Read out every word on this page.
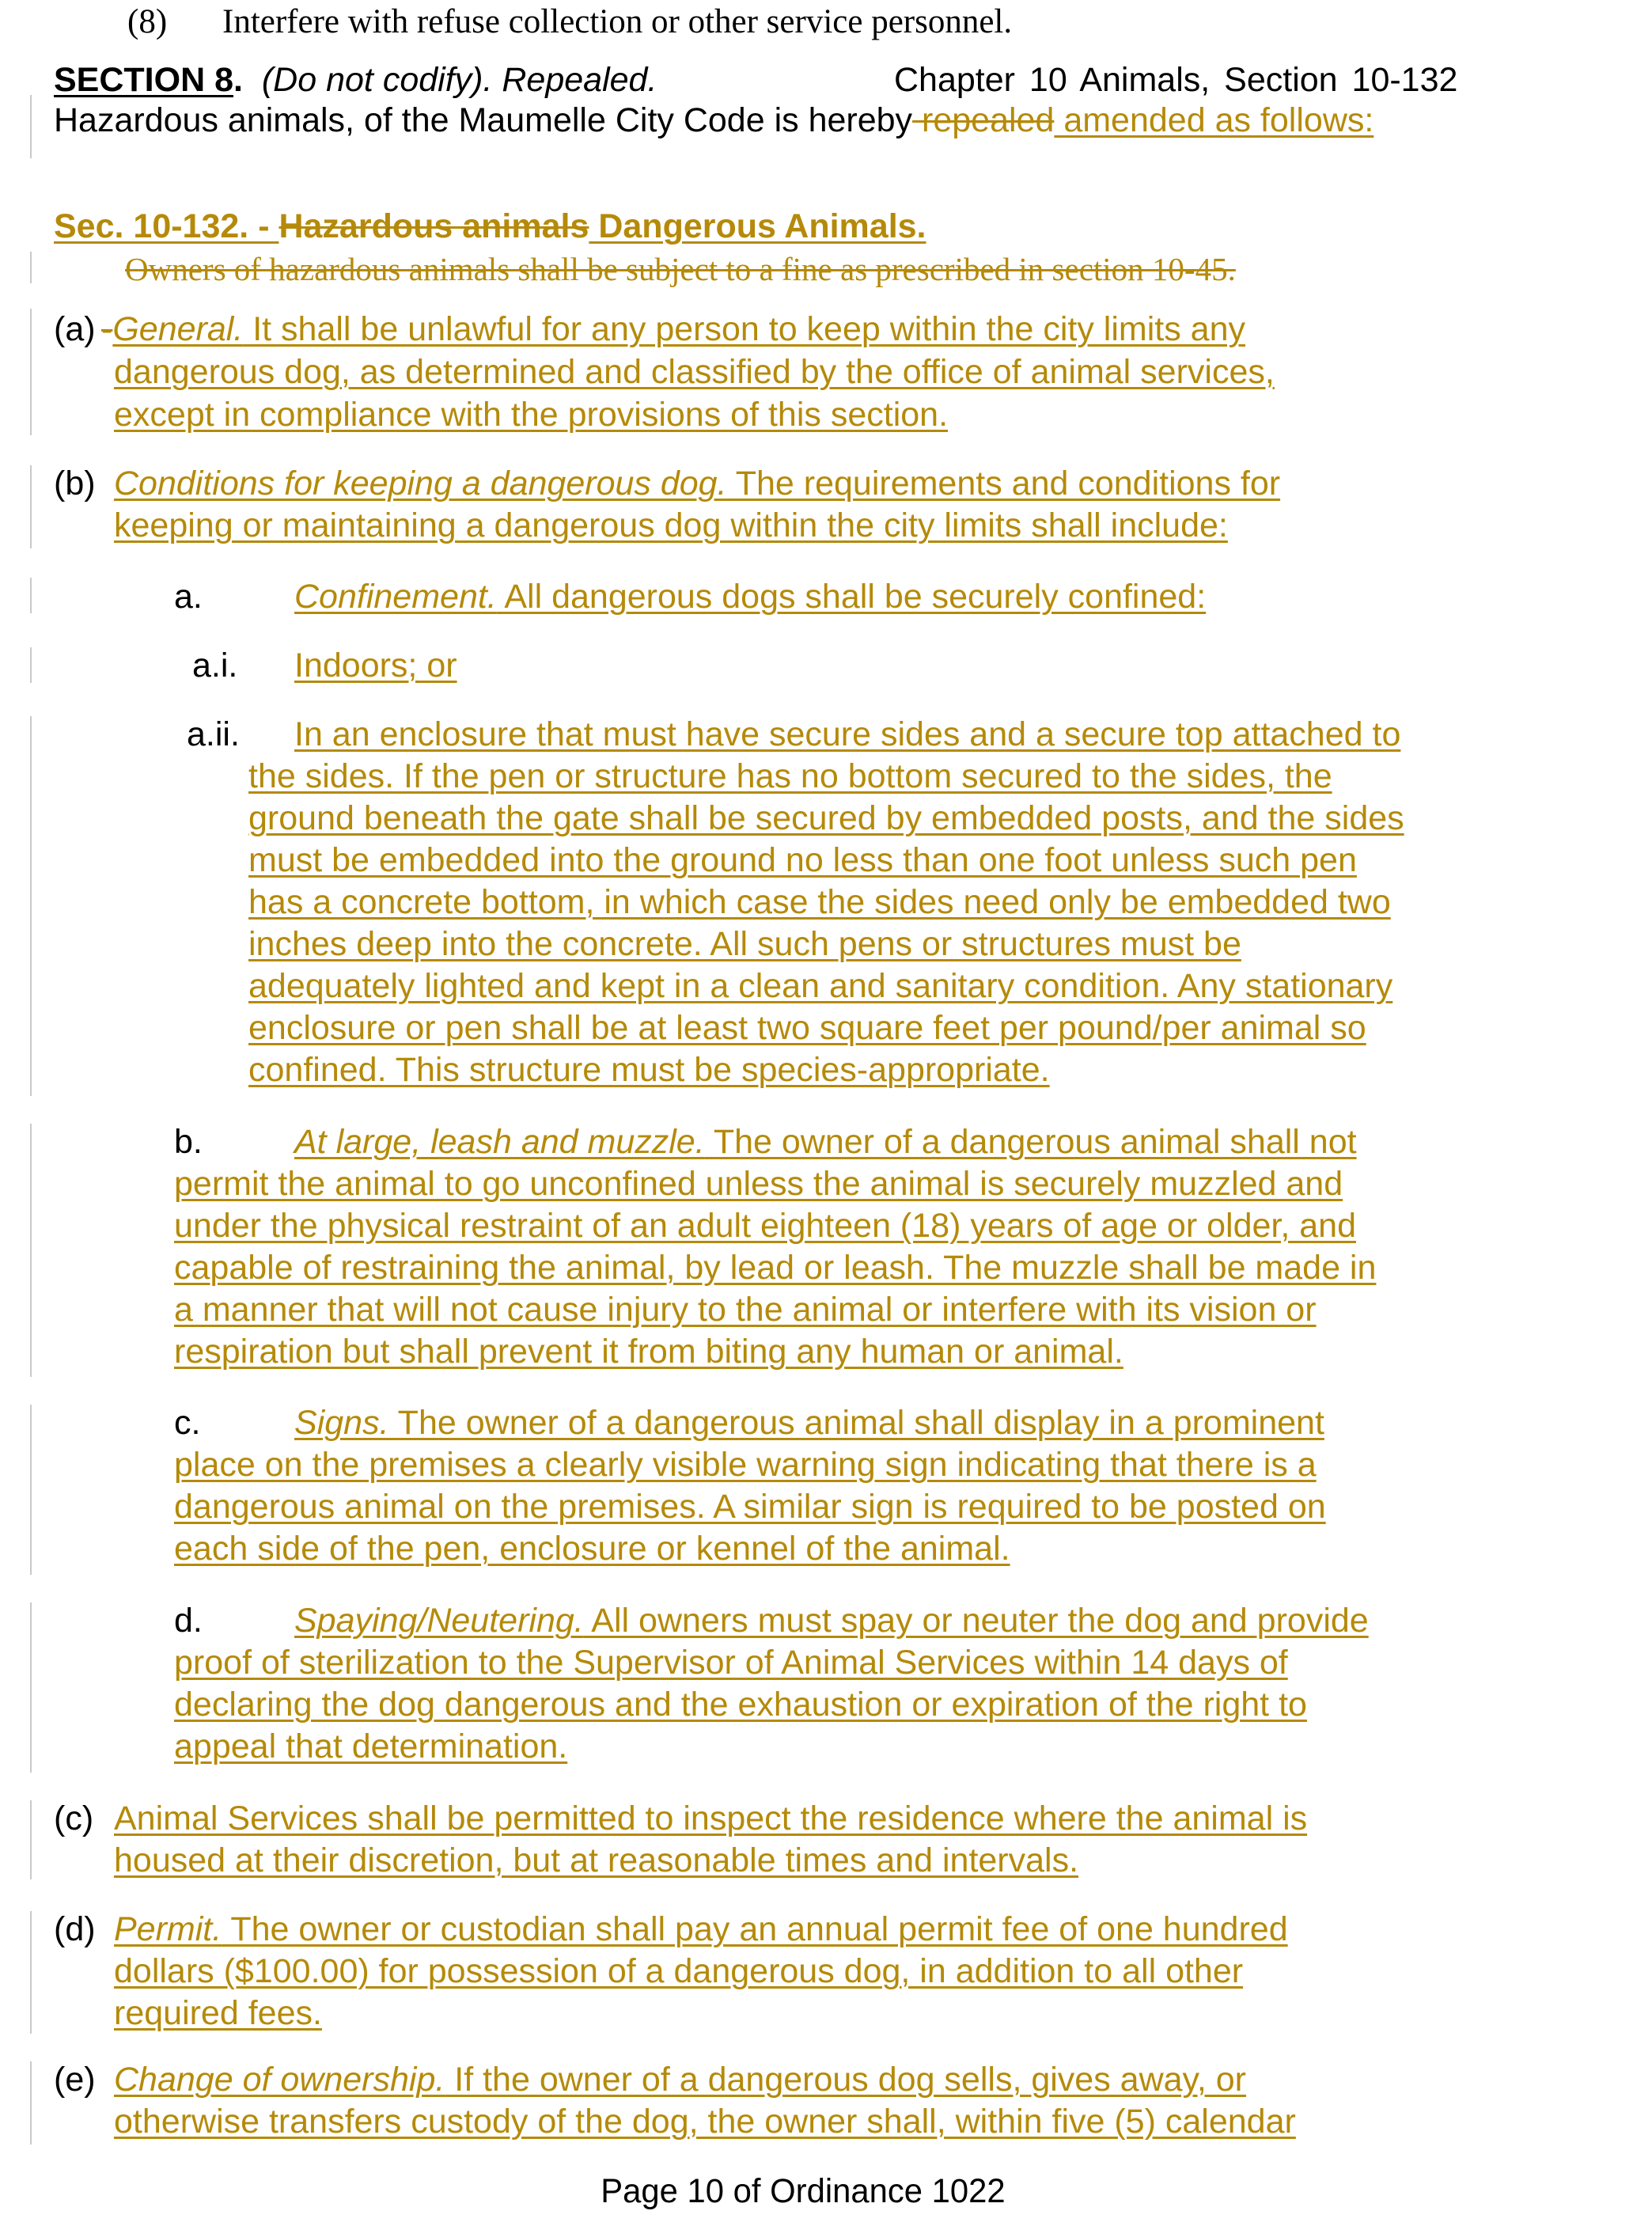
(8) Interfere with refuse collection or other service personnel.
SECTION 8. (Do not codify). Repealed.	Chapter 10 Animals, Section 10-132
Hazardous animals, of the Maumelle City Code is hereby repealed amended as follows:
Sec. 10-132. - Hazardous animals Dangerous Animals.
Owners of hazardous animals shall be subject to a fine as prescribed in section 10-45.
(a) -General. It shall be unlawful for any person to keep within the city limits any
dangerous dog, as determined and classified by the office of animal services,
except in compliance with the provisions of this section.
(b) Conditions for keeping a dangerous dog. The requirements and conditions for
keeping or maintaining a dangerous dog within the city limits shall include:
a.	Confinement. All dangerous dogs shall be securely confined:
a.i. Indoors; or
a.ii. In an enclosure that must have secure sides and a secure top attached to
the sides. If the pen or structure has no bottom secured to the sides, the
ground beneath the gate shall be secured by embedded posts, and the sides
must be embedded into the ground no less than one foot unless such pen
has a concrete bottom, in which case the sides need only be embedded two
inches deep into the concrete. All such pens or structures must be
adequately lighted and kept in a clean and sanitary condition. Any stationary
enclosure or pen shall be at least two square feet per pound/per animal so
confined. This structure must be species-appropriate.
b.	At large, leash and muzzle. The owner of a dangerous animal shall not
permit the animal to go unconfined unless the animal is securely muzzled and
under the physical restraint of an adult eighteen (18) years of age or older, and
capable of restraining the animal, by lead or leash. The muzzle shall be made in
a manner that will not cause injury to the animal or interfere with its vision or
respiration but shall prevent it from biting any human or animal.
c.	Signs. The owner of a dangerous animal shall display in a prominent
place on the premises a clearly visible warning sign indicating that there is a
dangerous animal on the premises. A similar sign is required to be posted on
each side of the pen, enclosure or kennel of the animal.
d.	Spaying/Neutering. All owners must spay or neuter the dog and provide
proof of sterilization to the Supervisor of Animal Services within 14 days of
declaring the dog dangerous and the exhaustion or expiration of the right to
appeal that determination.
(c) Animal Services shall be permitted to inspect the residence where the animal is
housed at their discretion, but at reasonable times and intervals.
(d) Permit. The owner or custodian shall pay an annual permit fee of one hundred
dollars ($100.00) for possession of a dangerous dog, in addition to all other
required fees.
(e) Change of ownership. If the owner of a dangerous dog sells, gives away, or
otherwise transfers custody of the dog, the owner shall, within five (5) calendar
Page 10 of Ordinance 1022
